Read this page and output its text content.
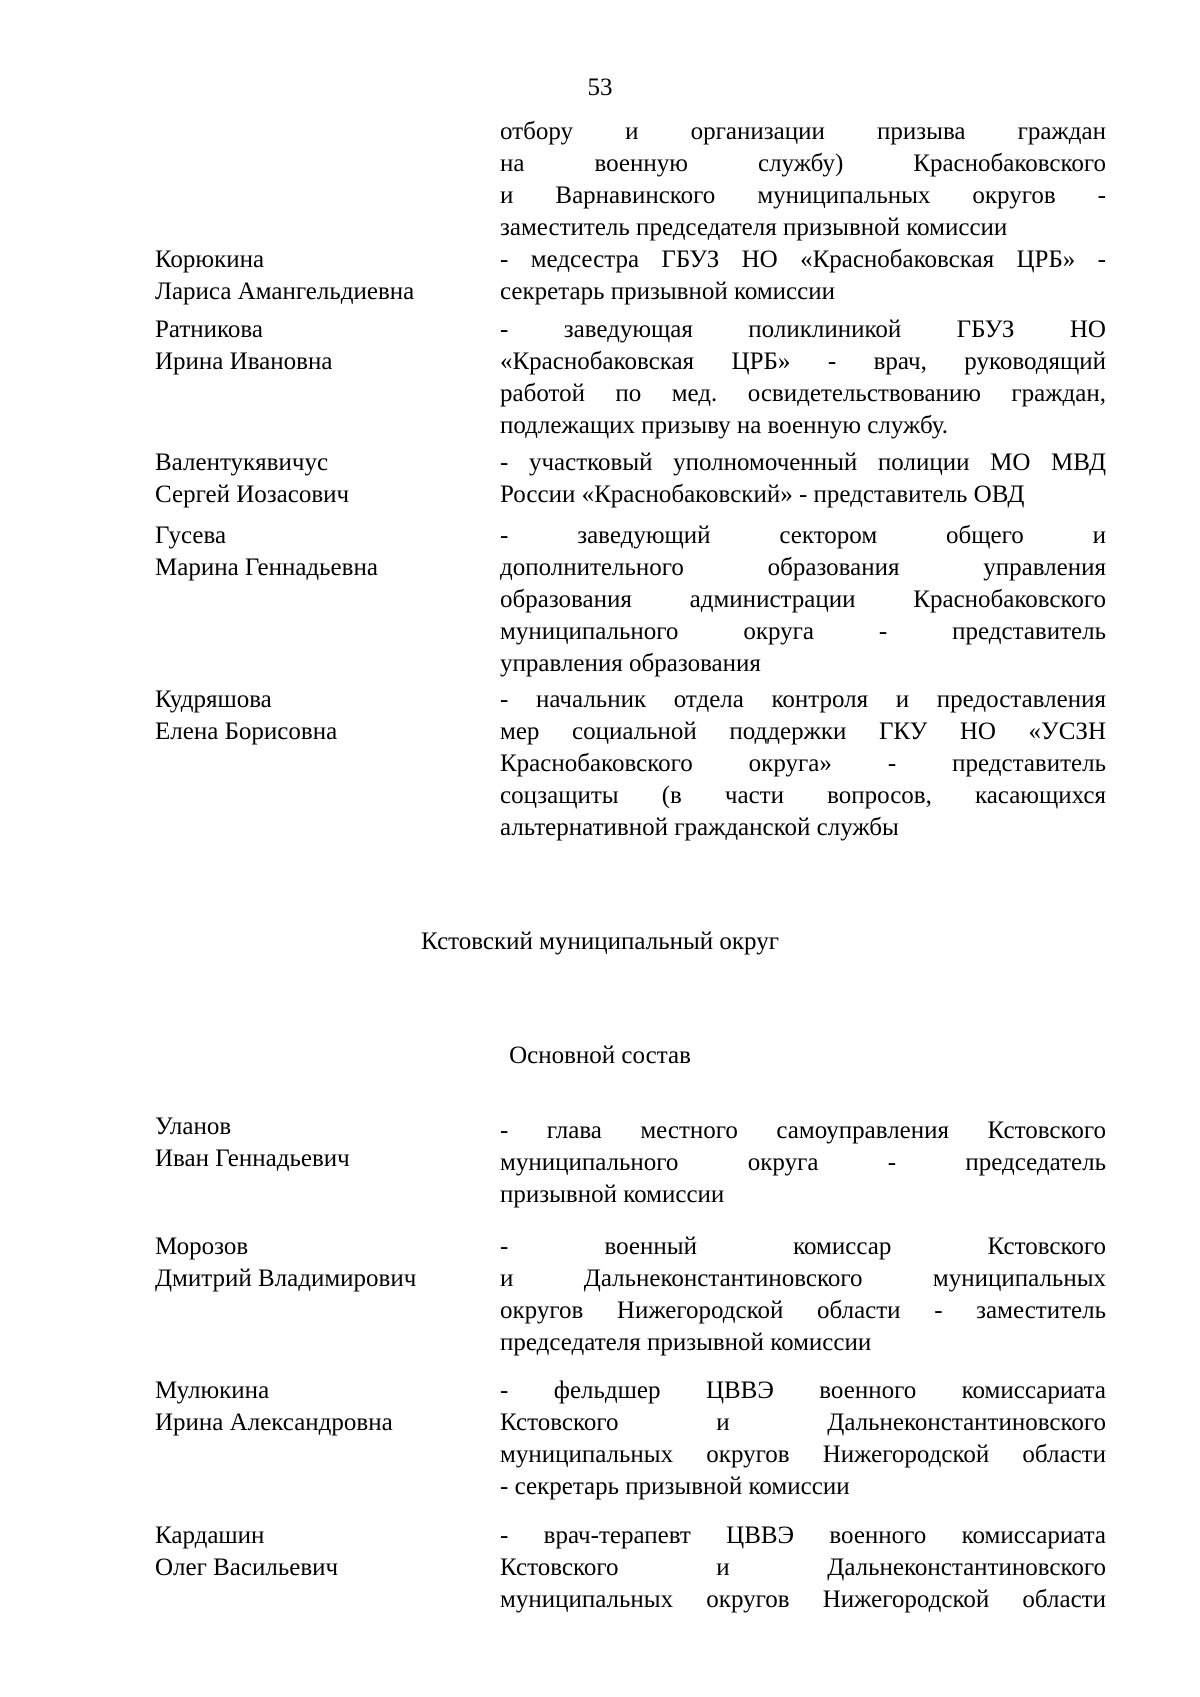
53
отбору и организации призыва граждан
на военную службу) Краснобаковского
и Варнавинского муниципальных округов -
заместитель председателя призывной комиссии
Корюкина
Лариса Амангельдиевна
- медсестра ГБУЗ НО «Краснобаковская ЦРБ» -
секретарь призывной комиссии
Ратникова
Ирина Ивановна
- заведующая поликлиникой ГБУЗ НО
«Краснобаковская ЦРБ» - врач, руководящий
работой по мед. освидетельствованию граждан,
подлежащих призыву на военную службу.
Валентукявичус
Сергей Иозасович
- участковый уполномоченный полиции МО МВД
России «Краснобаковский» - представитель ОВД
Гусева
Марина Геннадьевна
- заведующий сектором общего и
дополнительного образования управления
образования администрации Краснобаковского
муниципального округа - представитель
управления образования
Кудряшова
Елена Борисовна
- начальник отдела контроля и предоставления
мер социальной поддержки ГКУ НО «УСЗН
Краснобаковского округа» - представитель
соцзащиты (в части вопросов, касающихся
альтернативной гражданской службы
Кстовский муниципальный округ
Основной состав
Уланов
Иван Геннадьевич
- глава местного самоуправления Кстовского
муниципального округа - председатель
призывной комиссии
Морозов
Дмитрий Владимирович
- военный комиссар Кстовского
и Дальнеконстантиновского муниципальных
округов Нижегородской области - заместитель
председателя призывной комиссии
Мулюкина
Ирина Александровна
- фельдшер ЦВВЭ военного комиссариата
Кстовского и Дальнеконстантиновского
муниципальных округов Нижегородской области
- секретарь призывной комиссии
Кардашин
Олег Васильевич
- врач-терапевт ЦВВЭ военного комиссариата
Кстовского и Дальнеконстантиновского
муниципальных округов Нижегородской области
